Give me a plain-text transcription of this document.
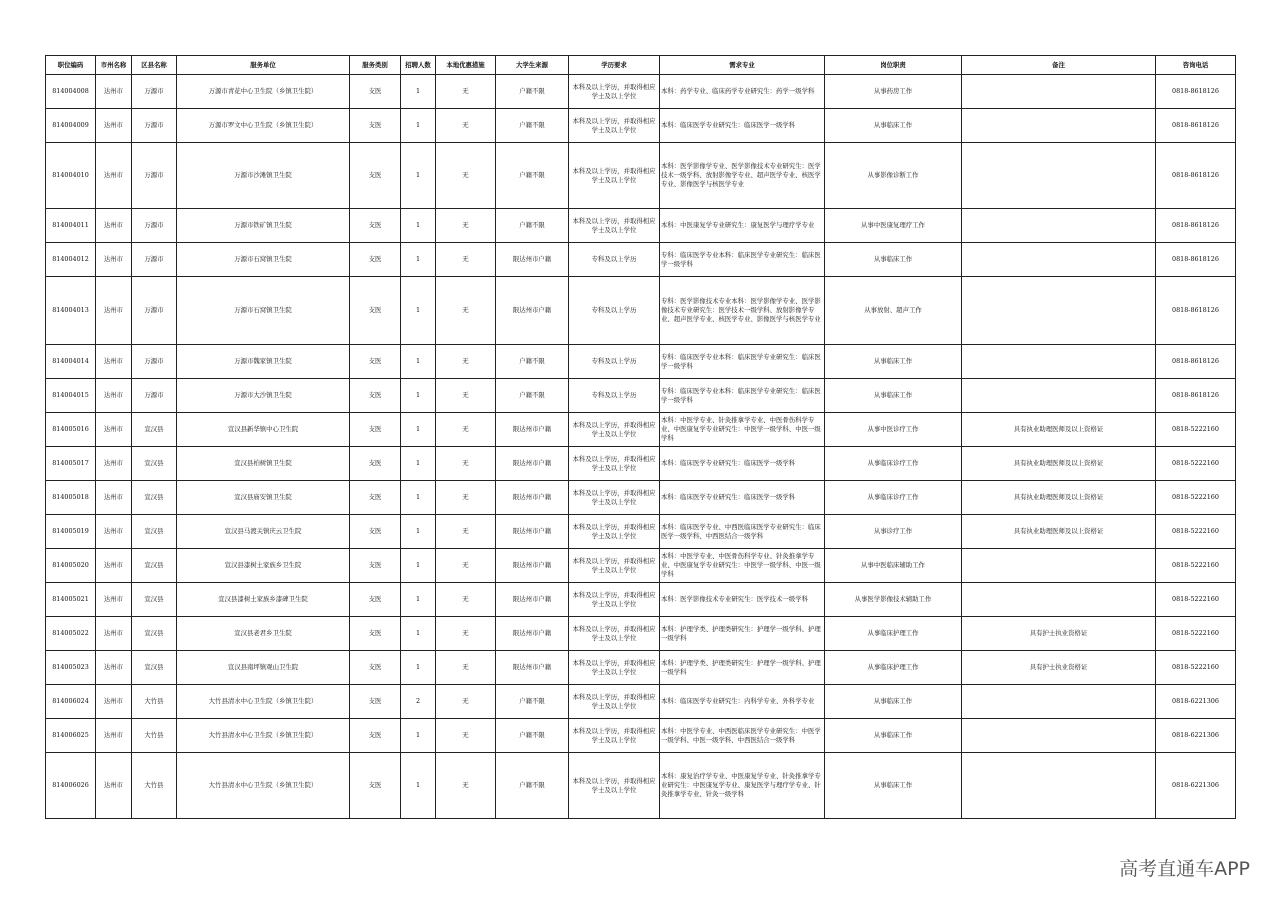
职位编码	市州名称	区县名称	服务单位	服务类别	招聘人数	本地优惠措施	大学生来源	学历要求	需求专业	岗位职责	备注	咨询电话
814004008	达州市	万源市	万源市青花中心卫生院（乡镇卫生院）	支医	1	无	户籍不限	本科及以上学历，并取得相应学士及以上学位	本科：药学专业、临床药学专业研究生：药学一级学科	从事药房工作		0818-8618126
814004009	达州市	万源市	万源市罗文中心卫生院（乡镇卫生院）	支医	1	无	户籍不限	本科及以上学历，并取得相应学士及以上学位	本科：临床医学专业研究生：临床医学一级学科	从事临床工作		0818-8618126
814004010	达州市	万源市	万源市沙滩镇卫生院	支医	1	无	户籍不限	本科及以上学历，并取得相应学士及以上学位	本科：医学影像学专业、医学影像技术专业研究生：医学技术一级学科、放射影像学专业、超声医学专业、核医学专业、影像医学与核医学专业	从事影像诊断工作		0818-8618126
814004011	达州市	万源市	万源市铁矿镇卫生院	支医	1	无	户籍不限	本科及以上学历，并取得相应学士及以上学位	本科：中医康复学专业研究生：康复医学与理疗学专业	从事中医康复理疗工作		0818-8618126
814004012	达州市	万源市	万源市石窝镇卫生院	支医	1	无	限达州市户籍	专科及以上学历	专科：临床医学专业本科：临床医学专业研究生：临床医学一级学科	从事临床工作		0818-8618126
814004013	达州市	万源市	万源市石窝镇卫生院	支医	1	无	限达州市户籍	专科及以上学历	专科：医学影像技术专业本科：医学影像学专业、医学影像技术专业研究生：医学技术一级学科、放射影像学专业、超声医学专业、核医学专业、影像医学与核医学专业	从事放射、超声工作		0818-8618126
814004014	达州市	万源市	万源市魏家镇卫生院	支医	1	无	户籍不限	专科及以上学历	专科：临床医学专业本科：临床医学专业研究生：临床医学一级学科	从事临床工作		0818-8618126
814004015	达州市	万源市	万源市大沙镇卫生院	支医	1	无	户籍不限	专科及以上学历	专科：临床医学专业本科：临床医学专业研究生：临床医学一级学科	从事临床工作		0818-8618126
814005016	达州市	宣汉县	宣汉县新华镇中心卫生院	支医	1	无	限达州市户籍	本科及以上学历，并取得相应学士及以上学位	本科：中医学专业、针灸推拿学专业、中医骨伤科学专业、中医康复学专业研究生：中医学一级学科、中医一级学科	从事中医诊疗工作	具有执业助理医师及以上资格证	0818-5222160
814005017	达州市	宣汉县	宣汉县柏树镇卫生院	支医	1	无	限达州市户籍	本科及以上学历，并取得相应学士及以上学位	本科：临床医学专业研究生：临床医学一级学科	从事临床诊疗工作	具有执业助理医师及以上资格证	0818-5222160
814005018	达州市	宣汉县	宣汉县庙安镇卫生院	支医	1	无	限达州市户籍	本科及以上学历，并取得相应学士及以上学位	本科：临床医学专业研究生：临床医学一级学科	从事临床诊疗工作	具有执业助理医师及以上资格证	0818-5222160
814005019	达州市	宣汉县	宣汉县马渡关镇庆云卫生院	支医	1	无	限达州市户籍	本科及以上学历，并取得相应学士及以上学位	本科：临床医学专业、中西医临床医学专业研究生：临床医学一级学科、中西医结合一级学科	从事诊疗工作	具有执业助理医师及以上资格证	0818-5222160
814005020	达州市	宣汉县	宣汉县漆树土家族乡卫生院	支医	1	无	限达州市户籍	本科及以上学历，并取得相应学士及以上学位	本科：中医学专业、中医骨伤科学专业、针灸推拿学专业、中医康复学专业研究生：中医学一级学科、中医一级学科	从事中医临床辅助工作		0818-5222160
814005021	达州市	宣汉县	宣汉县漆树土家族乡漆碑卫生院	支医	1	无	限达州市户籍	本科及以上学历，并取得相应学士及以上学位	本科：医学影像技术专业研究生：医学技术一级学科	从事医学影像技术辅助工作		0818-5222160
814005022	达州市	宣汉县	宣汉县老君乡卫生院	支医	1	无	限达州市户籍	本科及以上学历，并取得相应学士及以上学位	本科：护理学类、护理类研究生：护理学一级学科、护理一级学科	从事临床护理工作	具有护士执业资格证	0818-5222160
814005023	达州市	宣汉县	宣汉县南坪镇观山卫生院	支医	1	无	限达州市户籍	本科及以上学历，并取得相应学士及以上学位	本科：护理学类、护理类研究生：护理学一级学科、护理一级学科	从事临床护理工作	具有护士执业资格证	0818-5222160
814006024	达州市	大竹县	大竹县清水中心卫生院（乡镇卫生院）	支医	2	无	户籍不限	本科及以上学历，并取得相应学士及以上学位	本科：临床医学专业研究生：内科学专业、外科学专业	从事临床工作		0818-6221306
814006025	达州市	大竹县	大竹县清水中心卫生院（乡镇卫生院）	支医	1	无	户籍不限	本科及以上学历，并取得相应学士及以上学位	本科：中医学专业、中西医临床医学专业研究生：中医学一级学科、中医一级学科、中西医结合一级学科	从事临床工作		0818-6221306
814006026	达州市	大竹县	大竹县清水中心卫生院（乡镇卫生院）	支医	1	无	户籍不限	本科及以上学历，并取得相应学士及以上学位	本科：康复治疗学专业、中医康复学专业、针灸推拿学专业研究生：中医康复学专业、康复医学与理疗学专业、针灸推拿学专业、针灸一级学科	从事临床工作		0818-6221306
高考直通车APP
